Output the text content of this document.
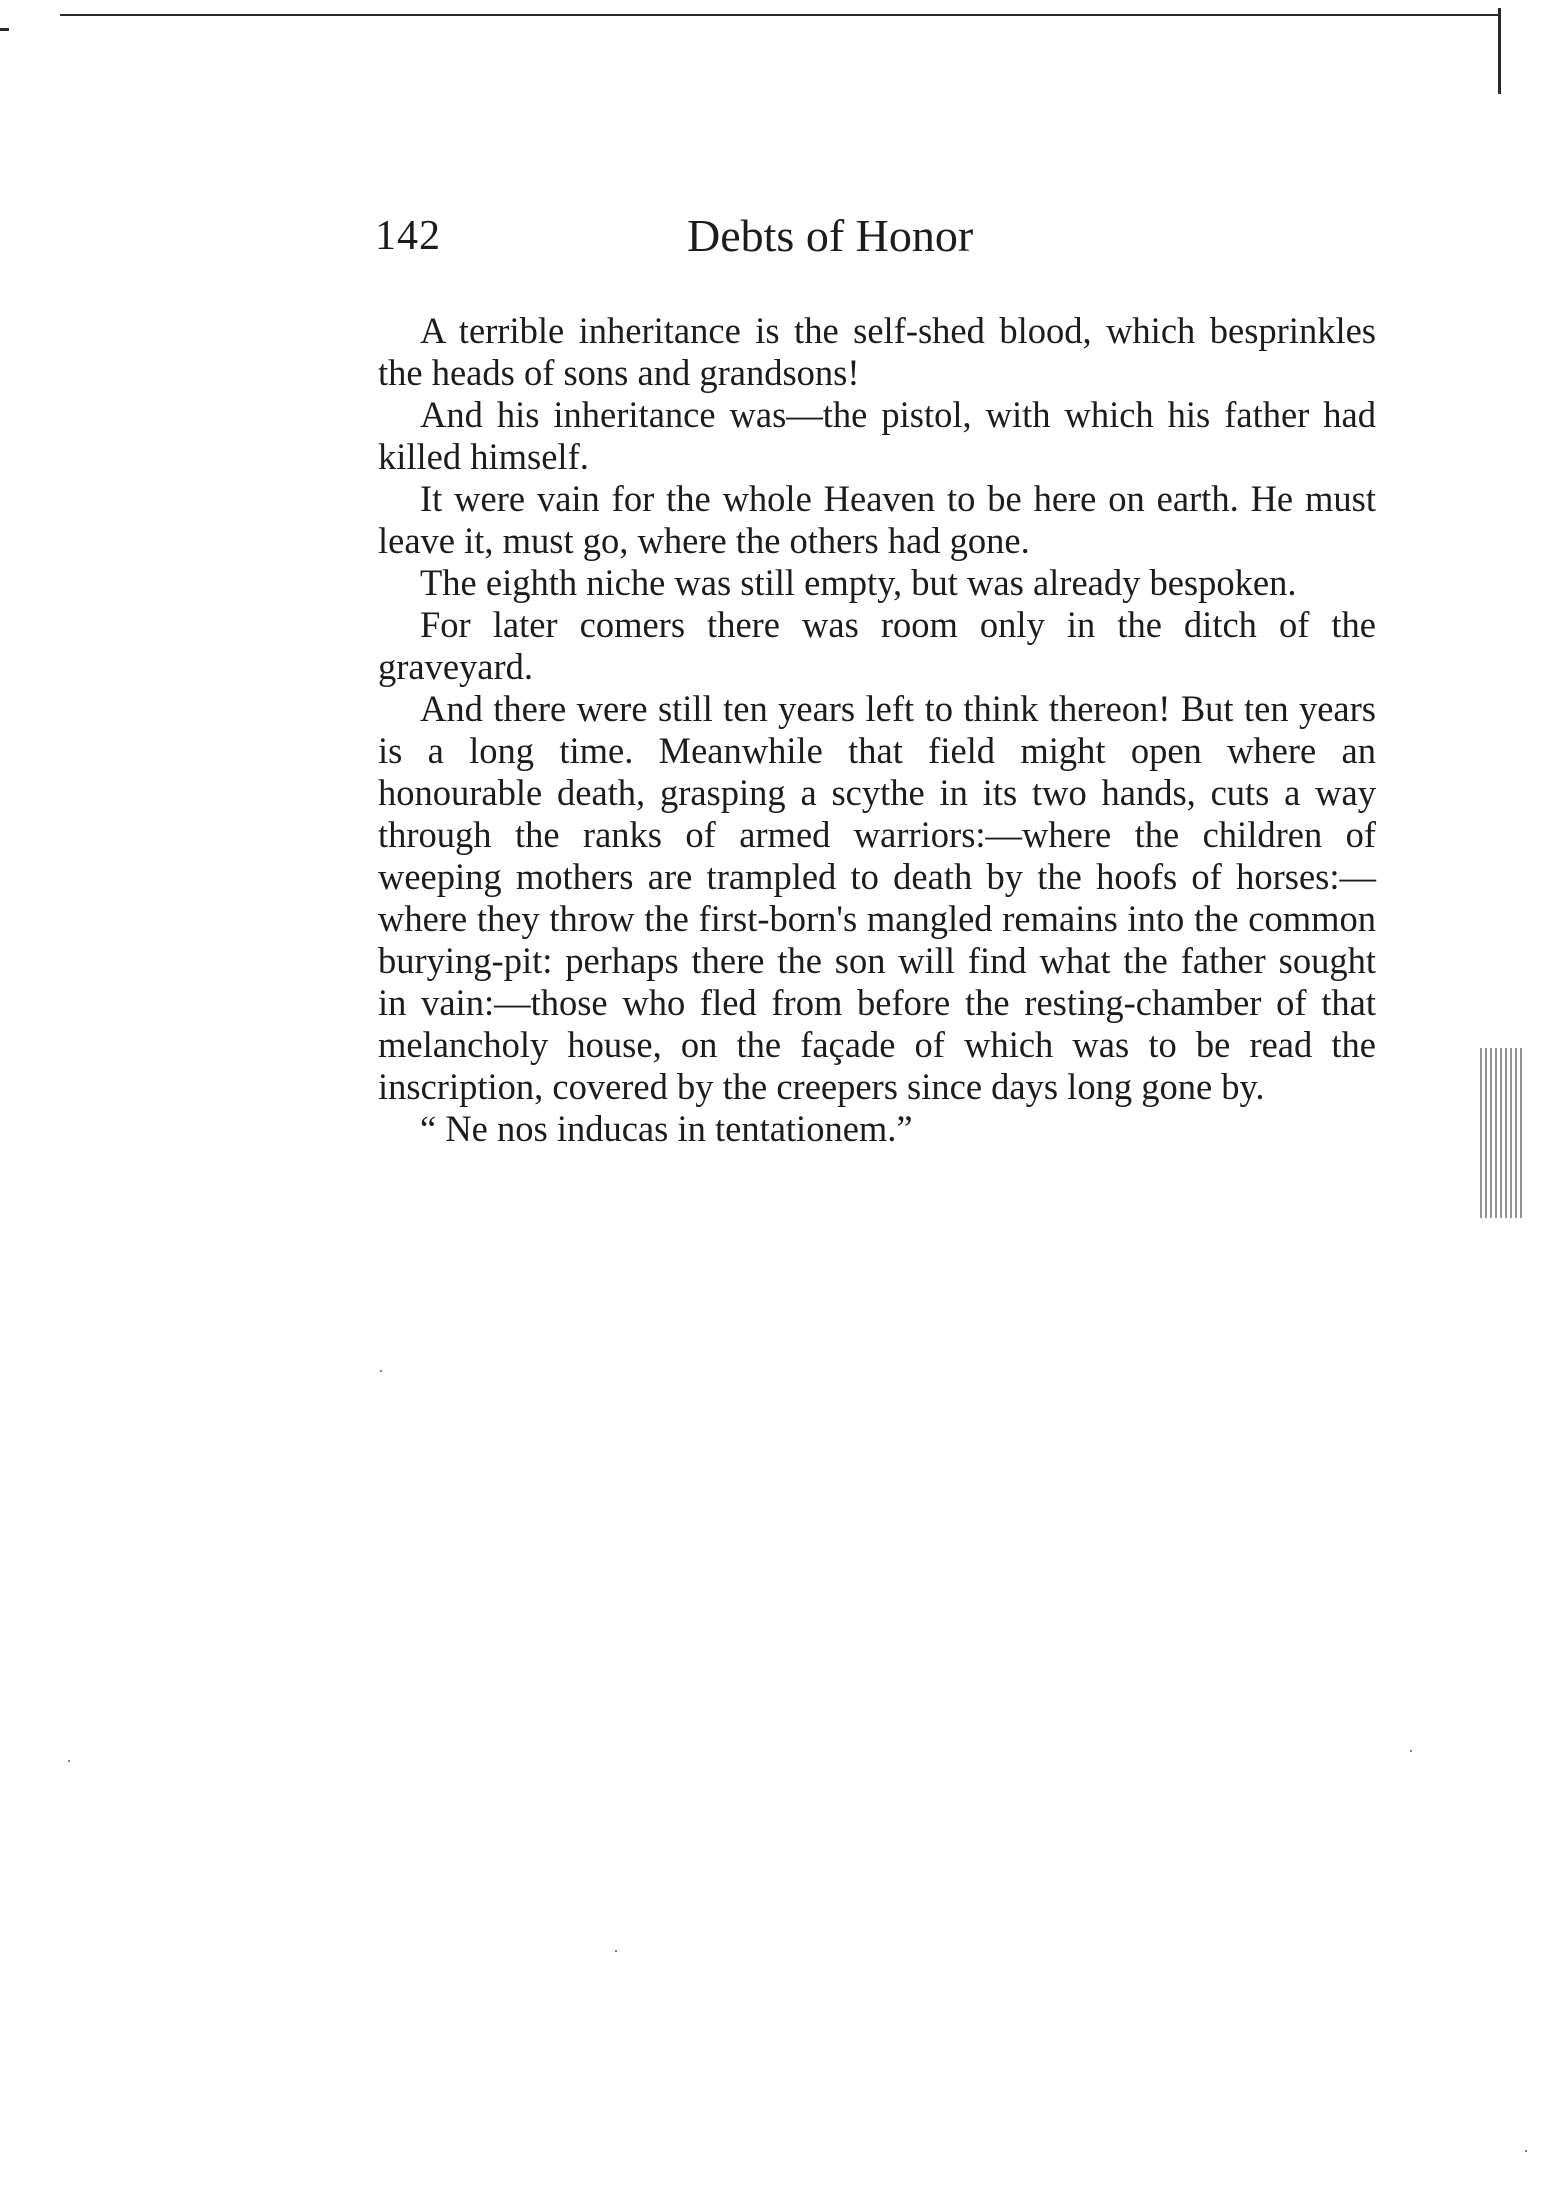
142	Debts of Honor

A terrible inheritance is the self-shed blood, which besprinkles the heads of sons and grandsons!

And his inheritance was—the pistol, with which his father had killed himself.

It were vain for the whole Heaven to be here on earth. He must leave it, must go, where the others had gone.

The eighth niche was still empty, but was already bespoken.

For later comers there was room only in the ditch of the graveyard.

And there were still ten years left to think thereon! But ten years is a long time. Meanwhile that field might open where an honourable death, grasping a scythe in its two hands, cuts a way through the ranks of armed warriors:—where the children of weeping mothers are trampled to death by the hoofs of horses:—where they throw the first-born's mangled remains into the common burying-pit: perhaps there the son will find what the father sought in vain:—those who fled from before the resting-chamber of that melancholy house, on the façade of which was to be read the inscription, covered by the creepers since days long gone by.

“ Ne nos inducas in tentationem.”
